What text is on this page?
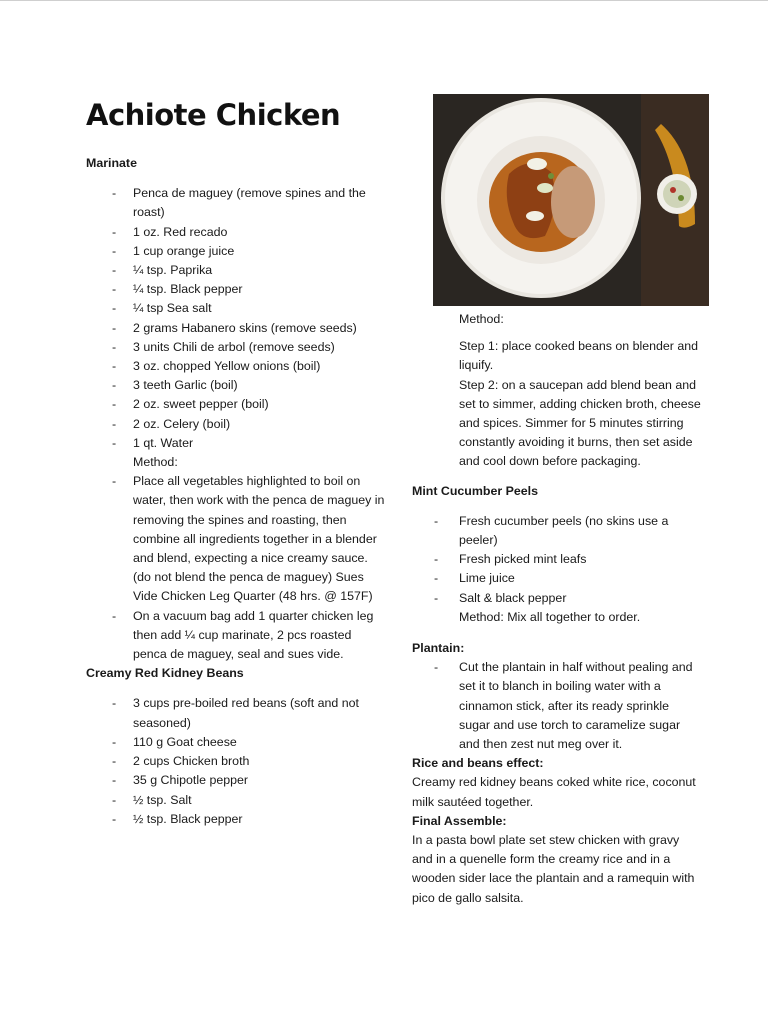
Achiote Chicken
Marinate
- Penca de maguey (remove spines and the roast)
- 1 oz. Red recado
- 1 cup orange juice
- ¼ tsp. Paprika
- ¼ tsp. Black pepper
- ¼ tsp Sea salt
- 2 grams Habanero skins (remove seeds)
- 3 units Chili de arbol (remove seeds)
- 3 oz. chopped Yellow onions (boil)
- 3 teeth Garlic (boil)
- 2 oz. sweet pepper (boil)
- 2 oz. Celery (boil)
- 1 qt. Water
Method:
- Place all vegetables highlighted to boil on water, then work with the penca de maguey in removing the spines and roasting, then combine all ingredients together in a blender and blend, expecting a nice creamy sauce. (do not blend the penca de maguey) Sues Vide Chicken Leg Quarter (48 hrs. @ 157F)
- On a vacuum bag add 1 quarter chicken leg then add ¼ cup marinate, 2 pcs roasted penca de maguey, seal and sues vide.
Creamy Red Kidney Beans
- 3 cups pre-boiled red beans (soft and not seasoned)
- 110 g Goat cheese
- 2 cups Chicken broth
- 35 g Chipotle pepper
- ½ tsp. Salt
- ½ tsp. Black pepper
Method:
Step 1: place cooked beans on blender and liquify.
Step 2: on a saucepan add blend bean and set to simmer, adding chicken broth, cheese and spices. Simmer for 5 minutes stirring constantly avoiding it burns, then set aside and cool down before packaging.
Mint Cucumber Peels
- Fresh cucumber peels (no skins use a peeler)
- Fresh picked mint leafs
- Lime juice
- Salt & black pepper
Method: Mix all together to order.
Plantain:
- Cut the plantain in half without pealing and set it to blanch in boiling water with a cinnamon stick, after its ready sprinkle sugar and use torch to caramelize sugar and then zest nut meg over it.
Rice and beans effect:

Creamy red kidney beans coked white rice, coconut milk sautéed together.

Final Assemble:

In a pasta bowl plate set stew chicken with gravy and in a quenelle form the creamy rice and in a wooden sider lace the plantain and a ramequin with pico de gallo salsita.
